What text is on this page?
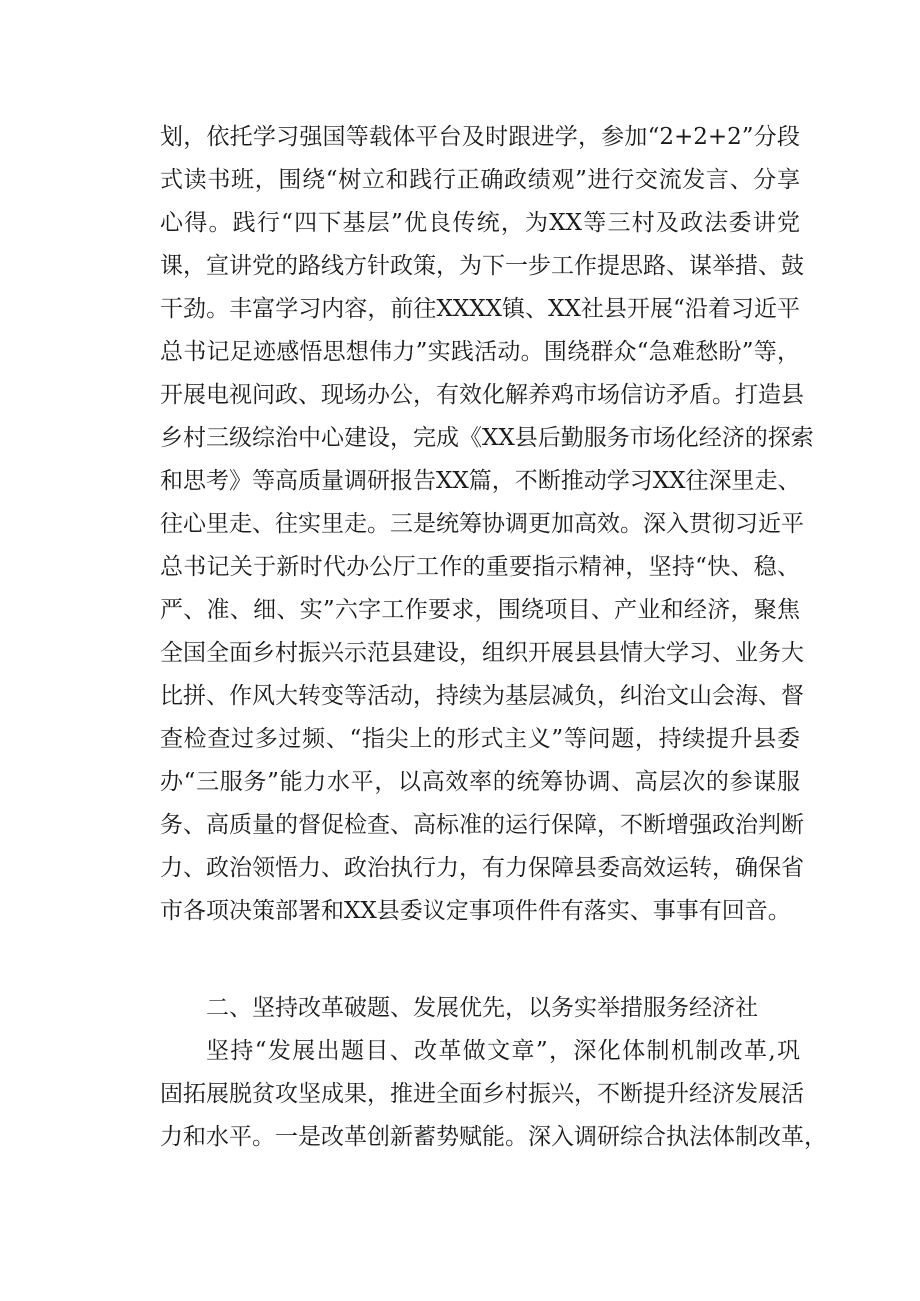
划，依托学习强国等载体平台及时跟进学，参加“2+2+2”分段
式读书班，围绕“树立和践行正确政绩观”进行交流发言、分享
心得。践行“四下基层”优良传统，为XX等三村及政法委讲党
课，宣讲党的路线方针政策，为下一步工作提思路、谋举措、鼓
干劲。丰富学习内容，前往XXXX镇、XX社县开展“沿着习近平
总书记足迹感悟思想伟力”实践活动。围绕群众“急难愁盼”等，
开展电视问政、现场办公，有效化解养鸡市场信访矛盾。打造县
乡村三级综治中心建设，完成《XX县后勤服务市场化经济的探索
和思考》等高质量调研报告XX篇，不断推动学习XX往深里走、
往心里走、往实里走。三是统筹协调更加高效。深入贯彻习近平
总书记关于新时代办公厅工作的重要指示精神，坚持“快、稳、
严、准、细、实”六字工作要求，围绕项目、产业和经济，聚焦
全国全面乡村振兴示范县建设，组织开展县县情大学习、业务大
比拼、作风大转变等活动，持续为基层减负，纠治文山会海、督
查检查过多过频、“指尖上的形式主义”等问题，持续提升县委
办“三服务”能力水平，以高效率的统筹协调、高层次的参谋服
务、高质量的督促检查、高标准的运行保障，不断增强政治判断
力、政治领悟力、政治执行力，有力保障县委高效运转，确保省
市各项决策部署和XX县委议定事项件件有落实、事事有回音。
二、坚持改革破题、发展优先，以务实举措服务经济社
坚持“发展出题目、改革做文章”，深化体制机制改革,巩
固拓展脱贫攻坚成果，推进全面乡村振兴，不断提升经济发展活
力和水平。一是改革创新蓄势赋能。深入调研综合执法体制改革，
